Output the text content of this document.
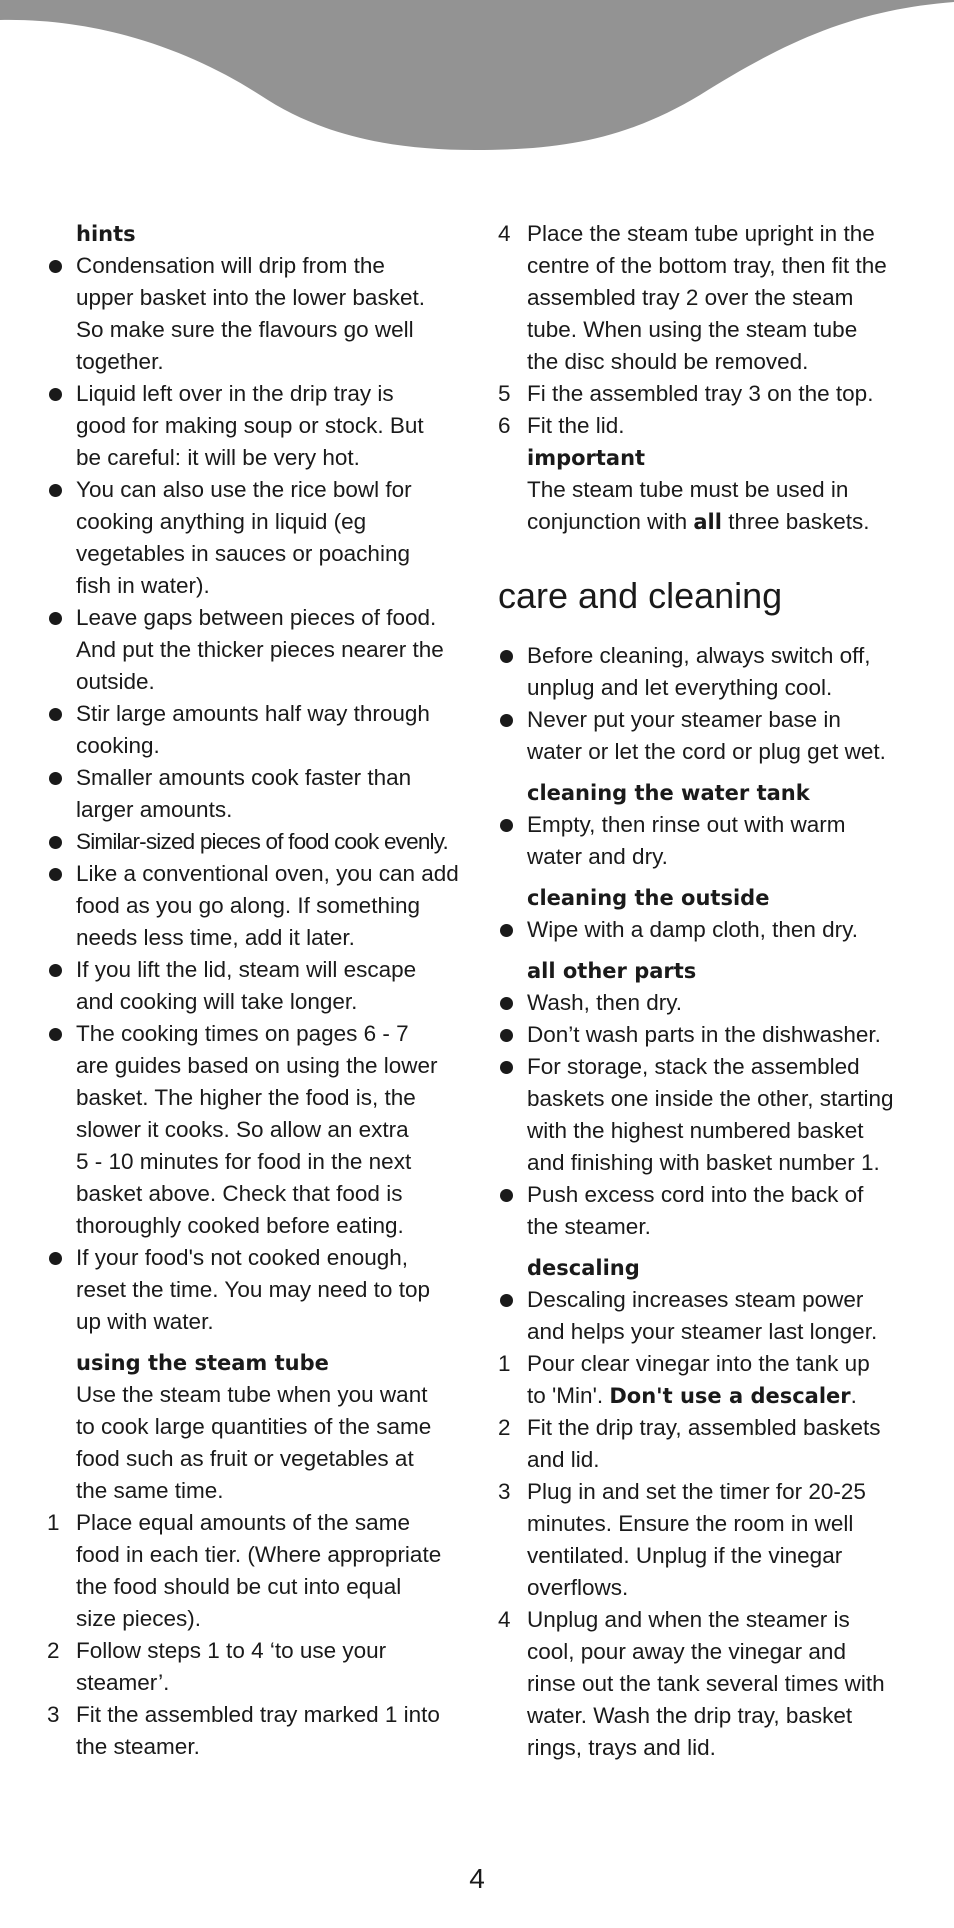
hints
Condensation will drip from the
upper basket into the lower basket.
So make sure the flavours go well
together.
Liquid left over in the drip tray is
good for making soup or stock. But
be careful: it will be very hot.
You can also use the rice bowl for
cooking anything in liquid (eg
vegetables in sauces or poaching
fish in water).
Leave gaps between pieces of food.
And put the thicker pieces nearer the
outside.
Stir large amounts half way through
cooking.
Smaller amounts cook faster than
larger amounts.
Similar-sized pieces of food cook evenly.
Like a conventional oven, you can add
food as you go along. If something
needs less time, add it later.
If you lift the lid, steam will escape
and cooking will take longer.
The cooking times on pages 6 - 7
are guides based on using the lower
basket. The higher the food is, the
slower it cooks. So allow an extra
5 - 10 minutes for food in the next
basket above. Check that food is
thoroughly cooked before eating.
If your food's not cooked enough,
reset the time. You may need to top
up with water.
using the steam tube
Use the steam tube when you want
to cook large quantities of the same
food such as fruit or vegetables at
the same time.
1 Place equal amounts of the same
food in each tier. (Where appropriate
the food should be cut into equal
size pieces).
2 Follow steps 1 to 4 ‘to use your
steamer’.
3 Fit the assembled tray marked 1 into
the steamer.
4 Place the steam tube upright in the
centre of the bottom tray, then fit the
assembled tray 2 over the steam
tube. When using the steam tube
the disc should be removed.
5 Fi the assembled tray 3 on the top.
6 Fit the lid.
important
The steam tube must be used in
conjunction with all three baskets.
care and cleaning
Before cleaning, always switch off,
unplug and let everything cool.
Never put your steamer base in
water or let the cord or plug get wet.
cleaning the water tank
Empty, then rinse out with warm
water and dry.
cleaning the outside
Wipe with a damp cloth, then dry.
all other parts
Wash, then dry.
Don’t wash parts in the dishwasher.
For storage, stack the assembled
baskets one inside the other, starting
with the highest numbered basket
and finishing with basket number 1.
Push excess cord into the back of
the steamer.
descaling
Descaling increases steam power
and helps your steamer last longer.
1 Pour clear vinegar into the tank up
to 'Min'. Don't use a descaler.
2 Fit the drip tray, assembled baskets
and lid.
3 Plug in and set the timer for 20-25
minutes. Ensure the room in well
ventilated. Unplug if the vinegar
overflows.
4 Unplug and when the steamer is
cool, pour away the vinegar and
rinse out the tank several times with
water. Wash the drip tray, basket
rings, trays and lid.
4
